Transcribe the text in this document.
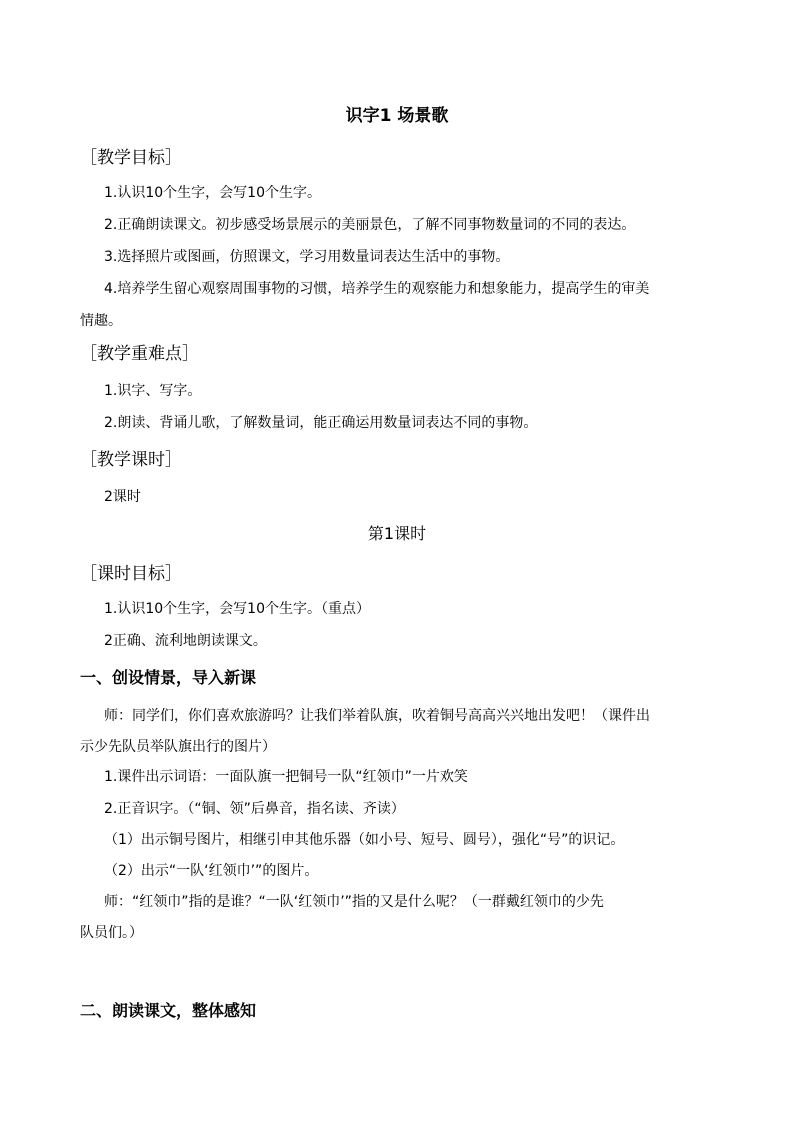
识字1 场景歌
［教学目标］
1.认识10个生字，会写10个生字。
2.正确朗读课文。初步感受场景展示的美丽景色，了解不同事物数量词的不同的表达。
3.选择照片或图画，仿照课文，学习用数量词表达生活中的事物。
4.培养学生留心观察周围事物的习惯，培养学生的观察能力和想象能力，提高学生的审美
情趣。
［教学重难点］
1.识字、写字。
2.朗读、背诵儿歌，了解数量词，能正确运用数量词表达不同的事物。
［教学课时］
2课时
第1课时
［课时目标］
1.认识10个生字，会写10个生字。（重点）
2正确、流利地朗读课文。
一、创设情景，导入新课
师：同学们，你们喜欢旅游吗？让我们举着队旗，吹着铜号高高兴兴地出发吧！（课件出
示少先队员举队旗出行的图片）
1.课件出示词语：一面队旗一把铜号一队“红领巾”一片欢笑
2.正音识字。（“铜、领”后鼻音，指名读、齐读）
（1）出示铜号图片，相继引申其他乐器（如小号、短号、圆号），强化“号”的识记。
（2）出示“一队‘红领巾’”的图片。
师：“红领巾”指的是谁？“一队‘红领巾’”指的又是什么呢？（一群戴红领巾的少先
队员们。）
二、朗读课文，整体感知
